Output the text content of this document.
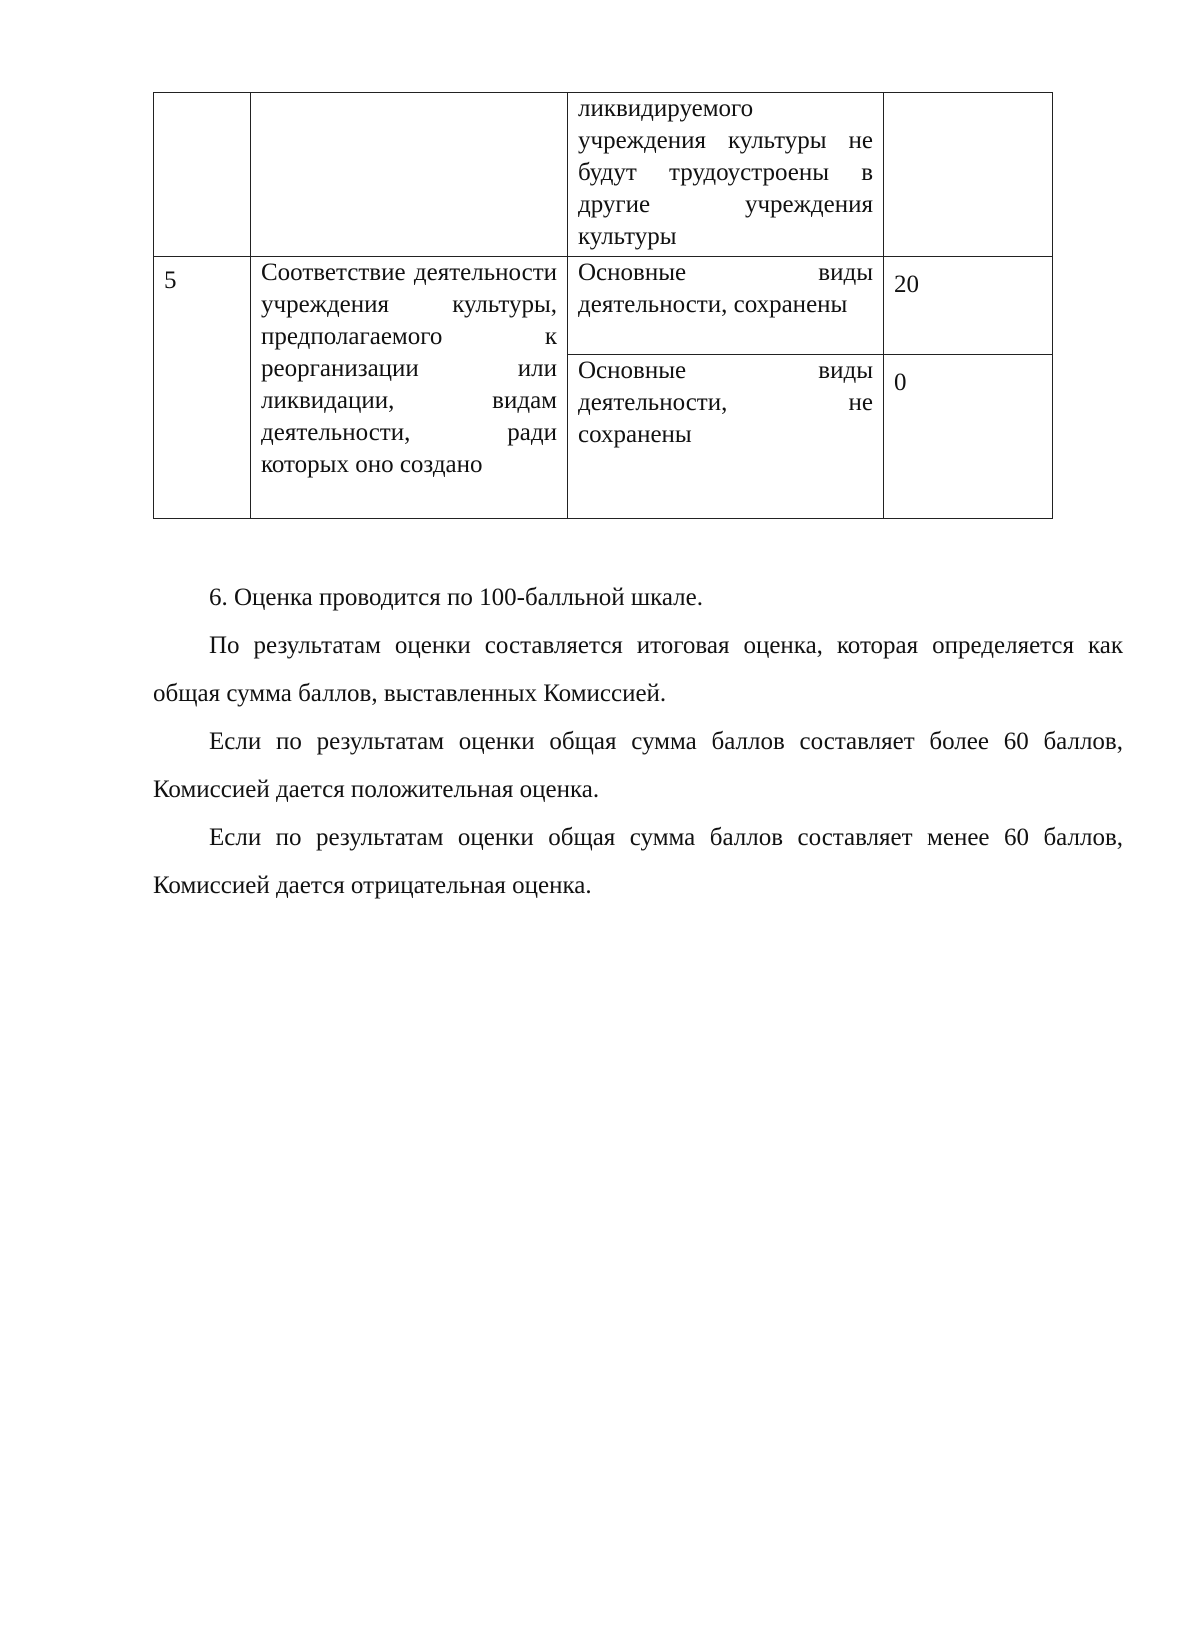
		ликвидируемого учреждения культуры не будут трудоустроены в другие учреждения культуры	
5	Соответствие деятельности учреждения культуры, предполагаемого к реорганизации или ликвидации, видам деятельности, ради которых оно создано	Основные виды деятельности, сохранены	20
		Основные виды деятельности, не сохранены	0

6. Оценка проводится по 100-балльной шкале.

По результатам оценки составляется итоговая оценка, которая определяется как общая сумма баллов, выставленных Комиссией.

Если по результатам оценки общая сумма баллов составляет более 60 баллов, Комиссией дается положительная оценка.

Если по результатам оценки общая сумма баллов составляет менее 60 баллов, Комиссией дается отрицательная оценка.
